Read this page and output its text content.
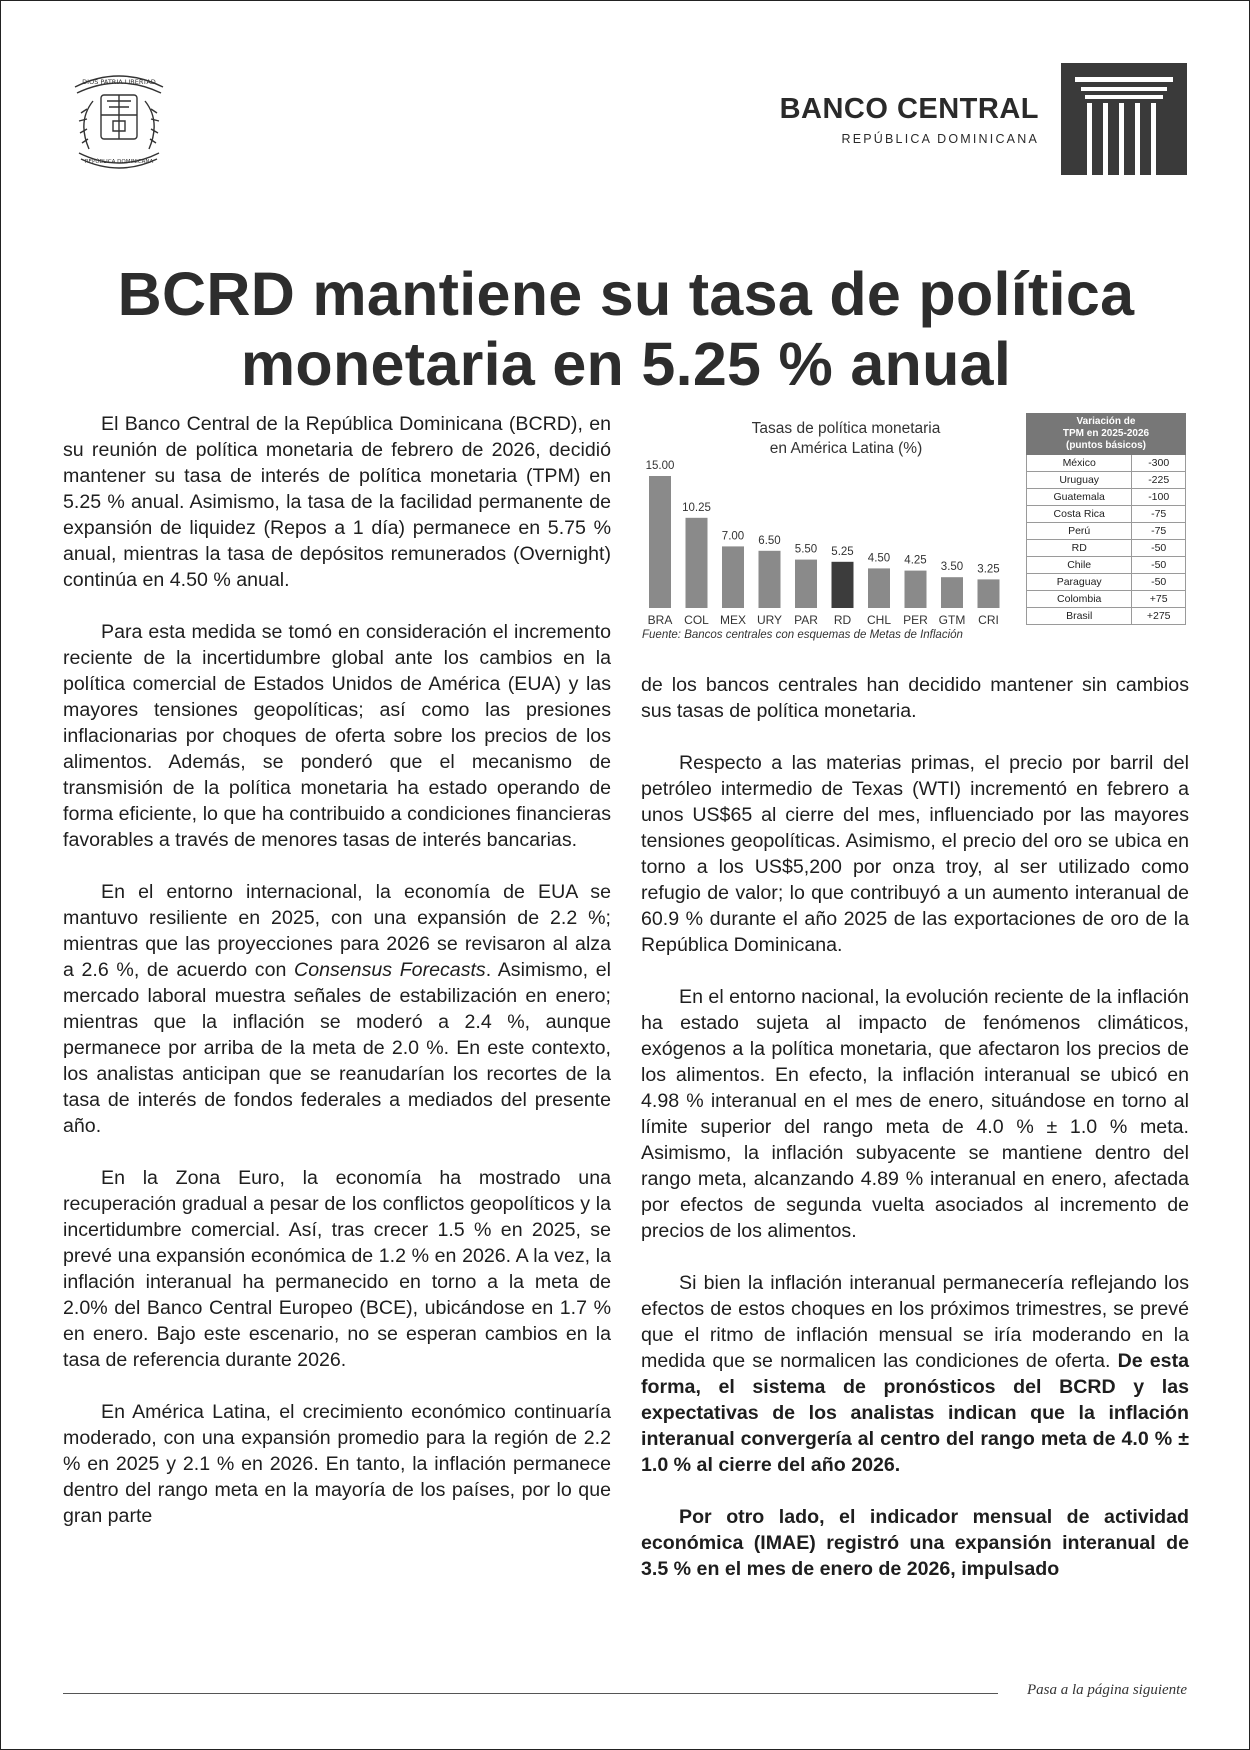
DIOS PATRIA LIBERTAD
REPÚBLICA DOMINICANA
BANCO CENTRAL
REPÚBLICA DOMINICANA
BCRD mantiene su tasa de política
monetaria en 5.25 % anual

El Banco Central de la República Dominicana (BCRD), en su reunión de política monetaria de febrero de 2026, decidió mantener su tasa de interés de política monetaria (TPM) en 5.25 % anual. Asimismo, la tasa de la facilidad permanente de expansión de liquidez (Repos a 1 día) permanece en 5.75 % anual, mientras la tasa de depósitos remunerados (Overnight) continúa en 4.50 % anual.

Para esta medida se tomó en consideración el incremento reciente de la incertidumbre global ante los cambios en la política comercial de Estados Unidos de América (EUA) y las mayores tensiones geopolíticas; así como las presiones inflacionarias por choques de oferta sobre los precios de los alimentos. Además, se ponderó que el mecanismo de transmisión de la política monetaria ha estado operando de forma eficiente, lo que ha contribuido a condiciones financieras favorables a través de menores tasas de interés bancarias.

En el entorno internacional, la economía de EUA se mantuvo resiliente en 2025, con una expansión de 2.2 %; mientras que las proyecciones para 2026 se revisaron al alza a 2.6 %, de acuerdo con Consensus Forecasts. Asimismo, el mercado laboral muestra señales de estabilización en enero; mientras que la inflación se moderó a 2.4 %, aunque permanece por arriba de la meta de 2.0 %. En este contexto, los analistas anticipan que se reanudarían los recortes de la tasa de interés de fondos federales a mediados del presente año.

En la Zona Euro, la economía ha mostrado una recuperación gradual a pesar de los conflictos geopolíticos y la incertidumbre comercial. Así, tras crecer 1.5 % en 2025, se prevé una expansión económica de 1.2 % en 2026. A la vez, la inflación interanual ha permanecido en torno a la meta de 2.0% del Banco Central Europeo (BCE), ubicándose en 1.7 % en enero. Bajo este escenario, no se esperan cambios en la tasa de referencia durante 2026.

En América Latina, el crecimiento económico continuaría moderado, con una expansión promedio para la región de 2.2 % en 2025 y 2.1 % en 2026. En tanto, la inflación permanece dentro del rango meta en la mayoría de los países, por lo que gran parte

Tasas de política monetaria
en América Latina (%)
15.00
BRA
10.25
COL
7.00
MEX
6.50
URY
5.50
PAR
5.25
RD
4.50
CHL
4.25
PER
3.50
GTM
3.25
CRI
Fuente: Bancos centrales con esquemas de Metas de Inflación
Variación de
TPM en 2025-2026
(puntos básicos)	
México	-300
Uruguay	-225
Guatemala	-100
Costa Rica	-75
Perú	-75
RD	-50
Chile	-50
Paraguay	-50
Colombia	+75
Brasil	+275

de los bancos centrales han decidido mantener sin cambios sus tasas de política monetaria.

Respecto a las materias primas, el precio por barril del petróleo intermedio de Texas (WTI) incrementó en febrero a unos US$65 al cierre del mes, influenciado por las mayores tensiones geopolíticas. Asimismo, el precio del oro se ubica en torno a los US$5,200 por onza troy, al ser utilizado como refugio de valor; lo que contribuyó a un aumento interanual de 60.9 % durante el año 2025 de las exportaciones de oro de la República Dominicana.

En el entorno nacional, la evolución reciente de la inflación ha estado sujeta al impacto de fenómenos climáticos, exógenos a la política monetaria, que afectaron los precios de los alimentos. En efecto, la inflación interanual se ubicó en 4.98 % interanual en el mes de enero, situándose en torno al límite superior del rango meta de 4.0 % ± 1.0 % meta. Asimismo, la inflación subyacente se mantiene dentro del rango meta, alcanzando 4.89 % interanual en enero, afectada por efectos de segunda vuelta asociados al incremento de precios de los alimentos.

Si bien la inflación interanual permanecería reflejando los efectos de estos choques en los próximos trimestres, se prevé que el ritmo de inflación mensual se iría moderando en la medida que se normalicen las condiciones de oferta. De esta forma, el sistema de pronósticos del BCRD y las expectativas de los analistas indican que la inflación interanual convergería al centro del rango meta de 4.0 % ± 1.0 % al cierre del año 2026.

Por otro lado, el indicador mensual de actividad económica (IMAE) registró una expansión interanual de 3.5 % en el mes de enero de 2026, impulsado

Pasa a la página siguiente
